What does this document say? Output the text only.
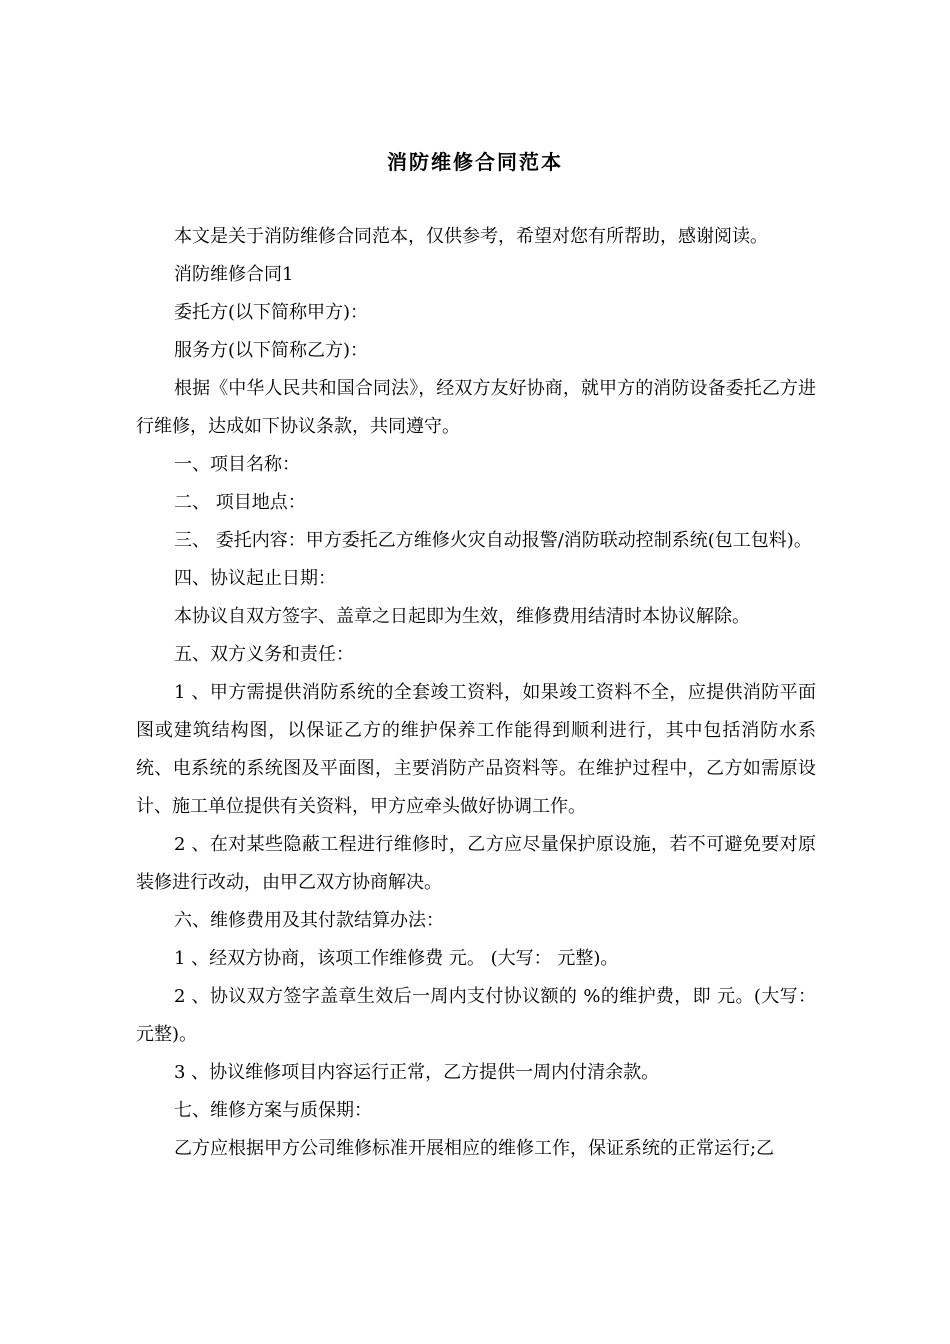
消防维修合同范本

本文是关于消防维修合同范本，仅供参考，希望对您有所帮助，感谢阅读。

消防维修合同1

委托方(以下简称甲方)：

服务方(以下简称乙方)：

根据《中华人民共和国合同法》，经双方友好协商，就甲方的消防设备委托乙方进行维修，达成如下协议条款，共同遵守。

一、项目名称：

二、 项目地点：

三、 委托内容：甲方委托乙方维修火灾自动报警/消防联动控制系统(包工包料)。

四、协议起止日期：

本协议自双方签字、盖章之日起即为生效，维修费用结清时本协议解除。

五、双方义务和责任：

1 、甲方需提供消防系统的全套竣工资料，如果竣工资料不全，应提供消防平面图或建筑结构图，以保证乙方的维护保养工作能得到顺利进行，其中包括消防水系统、电系统的系统图及平面图，主要消防产品资料等。在维护过程中，乙方如需原设计、施工单位提供有关资料，甲方应牵头做好协调工作。

2 、在对某些隐蔽工程进行维修时，乙方应尽量保护原设施，若不可避免要对原装修进行改动，由甲乙双方协商解决。

六、维修费用及其付款结算办法：

1 、经双方协商，该项工作维修费 元。 (大写： 元整)。

2 、协议双方签字盖章生效后一周内支付协议额的 %的维护费，即 元。(大写： 元整)。

3 、协议维修项目内容运行正常，乙方提供一周内付清余款。

七、维修方案与质保期：

乙方应根据甲方公司维修标准开展相应的维修工作，保证系统的正常运行;乙
